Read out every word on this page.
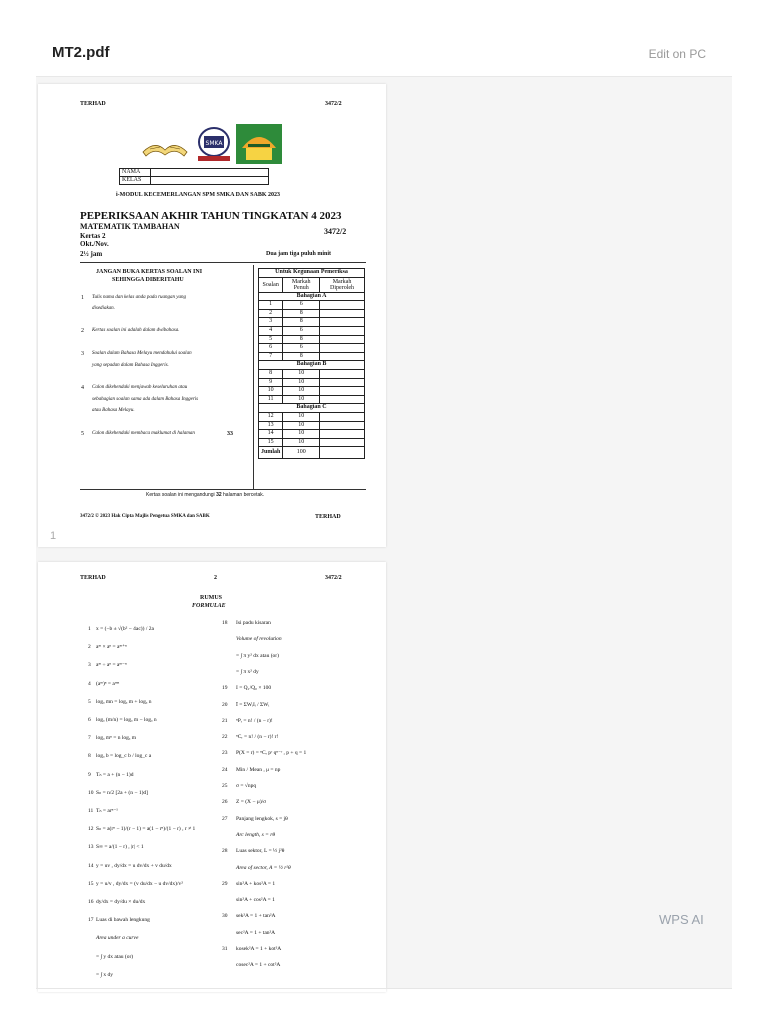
MT2.pdf	Edit on PC
TERHAD	3472/2
SMKA
NAMA	
KELAS	
i-MODUL KECEMERLANGAN SPM SMKA DAN SABK 2023
PEPERIKSAAN AKHIR TAHUN TINGKATAN 4 2023
MATEMATIK TAMBAHAN
3472/2
Kertas 2
Okt./Nov.
2½ jam	Dua jam tiga puluh minit
JANGAN BUKA KERTAS SOALAN INI
SEHINGGA DIBERITAHU
1 Tulis nama dan kelas anda pada ruangan yang
disediakan.
2 Kertas soalan ini adalah dalam dwibahasa.
3 Soalan dalam Bahasa Melayu mendahului soalan
yang sepadan dalam Bahasa Inggeris.
4 Calon dikehendaki menjawab keseluruhan atau
sebahagian soalan sama ada dalam Bahasa Inggeris
atau Bahasa Melayu.
5 Calon dikehendaki membaca maklumat di halaman	33
Untuk Kegunaan Pemeriksa		
Soalan	Markah Penuh	Markah Diperoleh
Bahagian A		
1	6	
2	8	
3	8	
4	6	
5	8	
6	6	
7	8	
Bahagian B		
8	10	
9	10	
10	10	
11	10	
Bahagian C		
12	10	
13	10	
14	10	
15	10	
Jumlah	100	
Kertas soalan ini mengandungi 32 halaman bercetak.
3472/2 © 2023 Hak Cipta Majlis Pengetua SMKA dan SABK	TERHAD
1
TERHAD	2	3472/2
RUMUS
FORMULAE
1 x = (−b ± √(b² − 4ac)) / 2a
2 aᵐ × aⁿ = aᵐ⁺ⁿ
3 aᵐ ÷ aⁿ = aᵐ⁻ⁿ
4 (aᵐ)ⁿ = aᵐⁿ
5 logₐ mn = logₐ m + logₐ n
6 logₐ (m/n) = logₐ m − logₐ n
7 logₐ mⁿ = n logₐ m
8 logₐ b = log_c b / log_c a
9 Tₙ = a + (n − 1)d
10 Sₙ = n/2 [2a + (n − 1)d]
11 Tₙ = arⁿ⁻¹
12 Sₙ = a(rⁿ − 1)/(r − 1) = a(1 − rⁿ)/(1 − r) , r ≠ 1
13 S∞ = a/(1 − r) , |r| < 1
14 y = uv , dy/dx = u dv/dx + v du/dx
15 y = u/v , dy/dx = (v du/dx − u dv/dx)/v²
16 dy/dx = dy/du × du/dx
17 Luas di bawah lengkung
Area under a curve
= ∫ y dx atau (or)
= ∫ x dy
18 Isi padu kisaran
Volume of revolution
= ∫ π y² dx atau (or)
= ∫ π x² dy
19 I = Q₁/Q₀ × 100
20 Ī = ΣWᵢIᵢ / ΣWᵢ
21 ⁿPᵣ = n! / (n − r)!
22 ⁿCᵣ = n! / (n − r)! r!
23 P(X = r) = ⁿCᵣ pʳ qⁿ⁻ʳ , p + q = 1
24 Min / Mean , μ = np
25 σ = √npq
26 Z = (X − μ)/σ
27 Panjang lengkok, s = jθ
Arc length, s = rθ
28 Luas sektor, L = ½ j²θ
Area of sector, A = ½ r²θ
29 sin²A + kos²A = 1
sin²A + cos²A = 1
30 sek²A = 1 + tan²A
sec²A = 1 + tan²A
31 kosek²A = 1 + kot²A
cosec²A = 1 + cot²A
WPS AI
